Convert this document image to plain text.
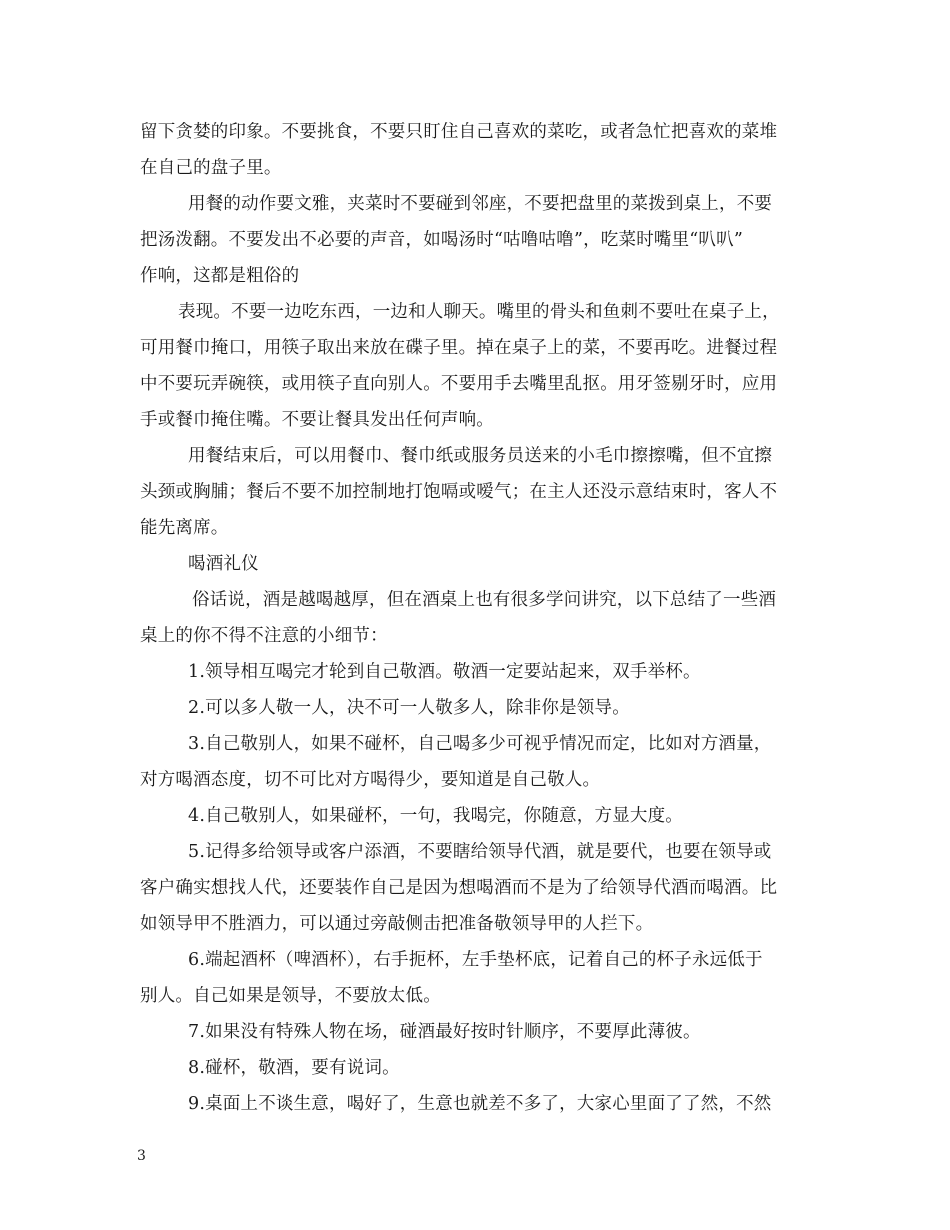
留下贪婪的印象。不要挑食，不要只盯住自己喜欢的菜吃，或者急忙把喜欢的菜堆
在自己的盘子里。
用餐的动作要文雅，夹菜时不要碰到邻座，不要把盘里的菜拨到桌上，不要
把汤泼翻。不要发出不必要的声音，如喝汤时“咕噜咕噜”，吃菜时嘴里“叭叭”
作响，这都是粗俗的
表现。不要一边吃东西，一边和人聊天。嘴里的骨头和鱼刺不要吐在桌子上，
可用餐巾掩口，用筷子取出来放在碟子里。掉在桌子上的菜，不要再吃。进餐过程
中不要玩弄碗筷，或用筷子直向别人。不要用手去嘴里乱抠。用牙签剔牙时，应用
手或餐巾掩住嘴。不要让餐具发出任何声响。
用餐结束后，可以用餐巾、餐巾纸或服务员送来的小毛巾擦擦嘴，但不宜擦
头颈或胸脯；餐后不要不加控制地打饱嗝或嗳气；在主人还没示意结束时，客人不
能先离席。
喝酒礼仪
俗话说，酒是越喝越厚，但在酒桌上也有很多学问讲究，以下总结了一些酒
桌上的你不得不注意的小细节：
1.领导相互喝完才轮到自己敬酒。敬酒一定要站起来，双手举杯。
2.可以多人敬一人，决不可一人敬多人，除非你是领导。
3.自己敬别人，如果不碰杯，自己喝多少可视乎情况而定，比如对方酒量，
对方喝酒态度，切不可比对方喝得少，要知道是自己敬人。
4.自己敬别人，如果碰杯，一句，我喝完，你随意，方显大度。
5.记得多给领导或客户添酒，不要瞎给领导代酒，就是要代，也要在领导或
客户确实想找人代，还要装作自己是因为想喝酒而不是为了给领导代酒而喝酒。比
如领导甲不胜酒力，可以通过旁敲侧击把准备敬领导甲的人拦下。
6.端起酒杯（啤酒杯），右手扼杯，左手垫杯底，记着自己的杯子永远低于
别人。自己如果是领导，不要放太低。
7.如果没有特殊人物在场，碰酒最好按时针顺序，不要厚此薄彼。
8.碰杯，敬酒，要有说词。
9.桌面上不谈生意，喝好了，生意也就差不多了，大家心里面了了然，不然
3
